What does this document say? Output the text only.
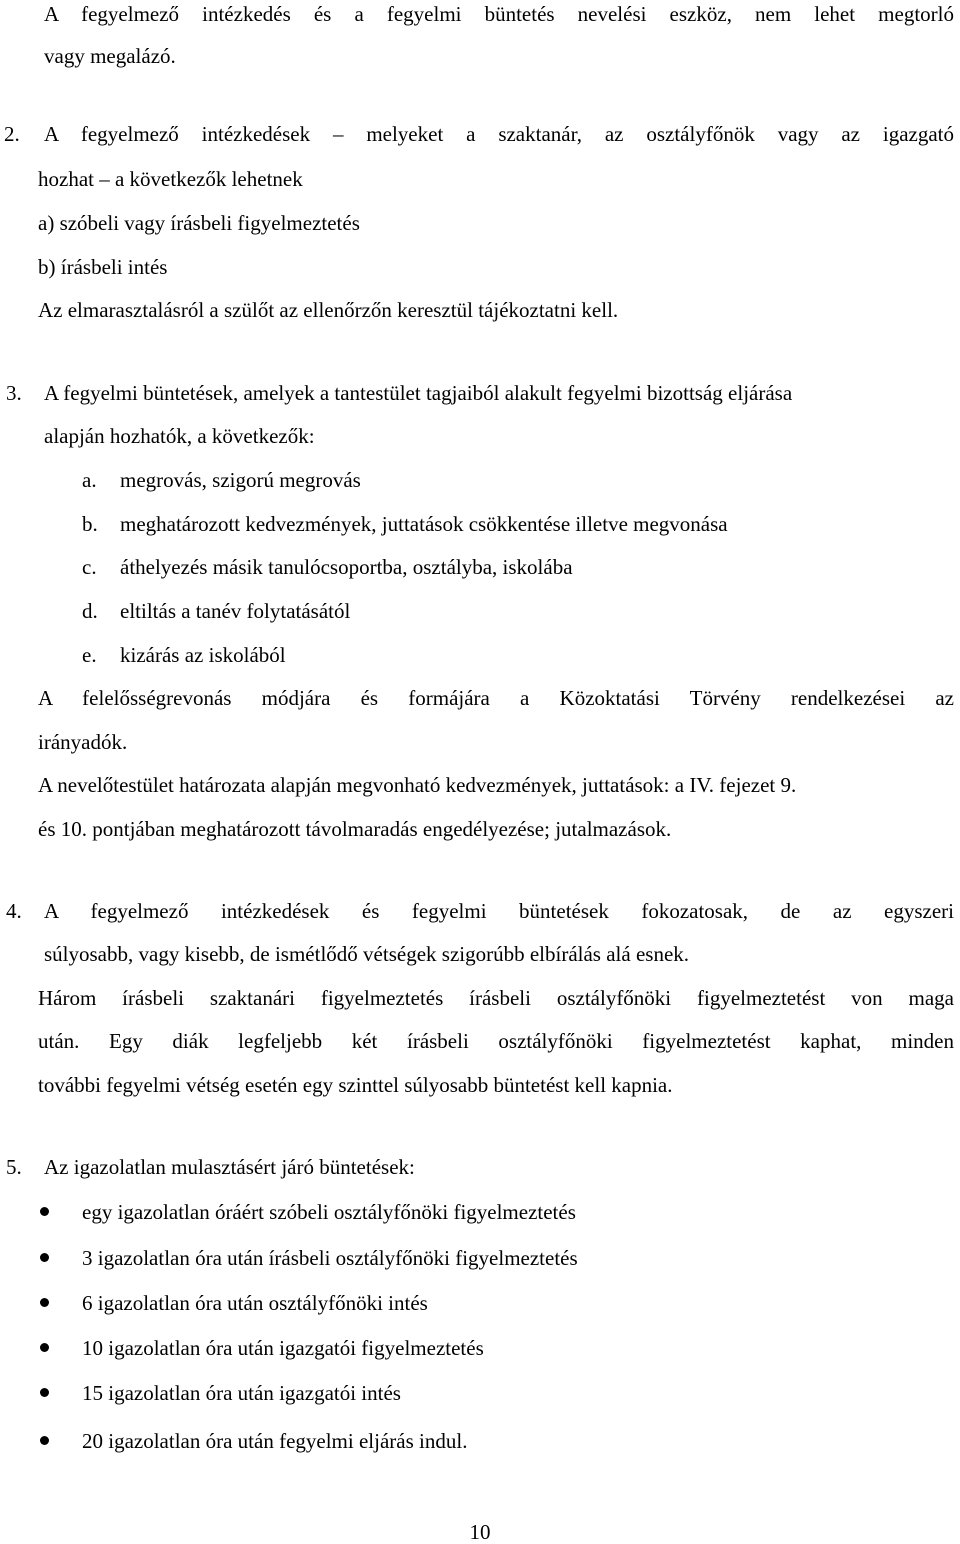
A fegyelmező intézkedés és a fegyelmi büntetés nevelési eszköz, nem lehet megtorló
vagy megalázó.
2. A fegyelmező intézkedések – melyeket a szaktanár, az osztályfőnök vagy az igazgató
hozhat – a következők lehetnek
a) szóbeli vagy írásbeli figyelmeztetés
b) írásbeli intés
Az elmarasztalásról a szülőt az ellenőrzőn keresztül tájékoztatni kell.
3. A fegyelmi büntetések, amelyek a tantestület tagjaiból alakult fegyelmi bizottság eljárása
alapján hozhatók, a következők:
a. megrovás, szigorú megrovás
b. meghatározott kedvezmények, juttatások csökkentése illetve megvonása
c. áthelyezés másik tanulócsoportba, osztályba, iskolába
d. eltiltás a tanév folytatásától
e. kizárás az iskolából
A felelősségrevonás módjára és formájára a Közoktatási Törvény rendelkezései az
irányadók.
A nevelőtestület határozata alapján megvonható kedvezmények, juttatások: a IV. fejezet 9.
és 10. pontjában meghatározott távolmaradás engedélyezése; jutalmazások.
4. A fegyelmező intézkedések és fegyelmi büntetések fokozatosak, de az egyszeri
súlyosabb, vagy kisebb, de ismétlődő vétségek szigorúbb elbírálás alá esnek.
Három írásbeli szaktanári figyelmeztetés írásbeli osztályfőnöki figyelmeztetést von maga
után. Egy diák legfeljebb két írásbeli osztályfőnöki figyelmeztetést kaphat, minden
további fegyelmi vétség esetén egy szinttel súlyosabb büntetést kell kapnia.
5. Az igazolatlan mulasztásért járó büntetések:
egy igazolatlan óráért szóbeli osztályfőnöki figyelmeztetés
3 igazolatlan óra után írásbeli osztályfőnöki figyelmeztetés
6 igazolatlan óra után osztályfőnöki intés
10 igazolatlan óra után igazgatói figyelmeztetés
15 igazolatlan óra után igazgatói intés
20 igazolatlan óra után fegyelmi eljárás indul.
10
